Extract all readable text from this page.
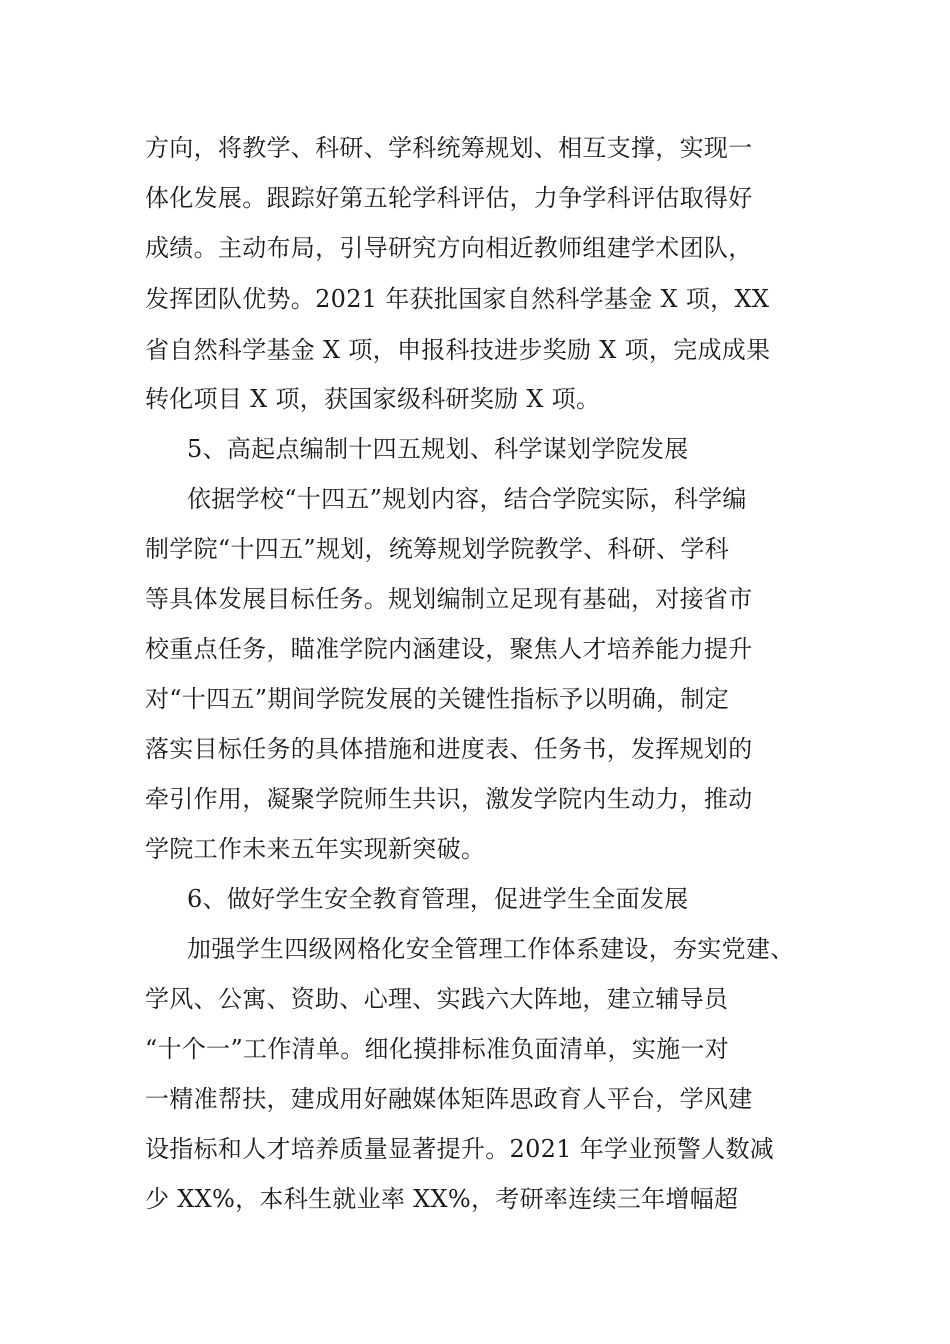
方向，将教学、科研、学科统筹规划、相互支撑，实现一

体化发展。跟踪好第五轮学科评估，力争学科评估取得好

成绩。主动布局，引导研究方向相近教师组建学术团队，

发挥团队优势。2021 年获批国家自然科学基金 X 项，XX

省自然科学基金 X 项，申报科技进步奖励 X 项，完成成果

转化项目 X 项，获国家级科研奖励 X 项。

5、高起点编制十四五规划、科学谋划学院发展

依据学校“十四五”规划内容，结合学院实际，科学编

制学院“十四五”规划，统筹规划学院教学、科研、学科

等具体发展目标任务。规划编制立足现有基础，对接省市

校重点任务，瞄准学院内涵建设，聚焦人才培养能力提升

对“十四五”期间学院发展的关键性指标予以明确，制定

落实目标任务的具体措施和进度表、任务书，发挥规划的

牵引作用，凝聚学院师生共识，激发学院内生动力，推动

学院工作未来五年实现新突破。

6、做好学生安全教育管理，促进学生全面发展

加强学生四级网格化安全管理工作体系建设，夯实党建、

学风、公寓、资助、心理、实践六大阵地，建立辅导员

“十个一”工作清单。细化摸排标准负面清单，实施一对

一精准帮扶，建成用好融媒体矩阵思政育人平台，学风建

设指标和人才培养质量显著提升。2021 年学业预警人数减

少 XX%，本科生就业率 XX%，考研率连续三年增幅超
